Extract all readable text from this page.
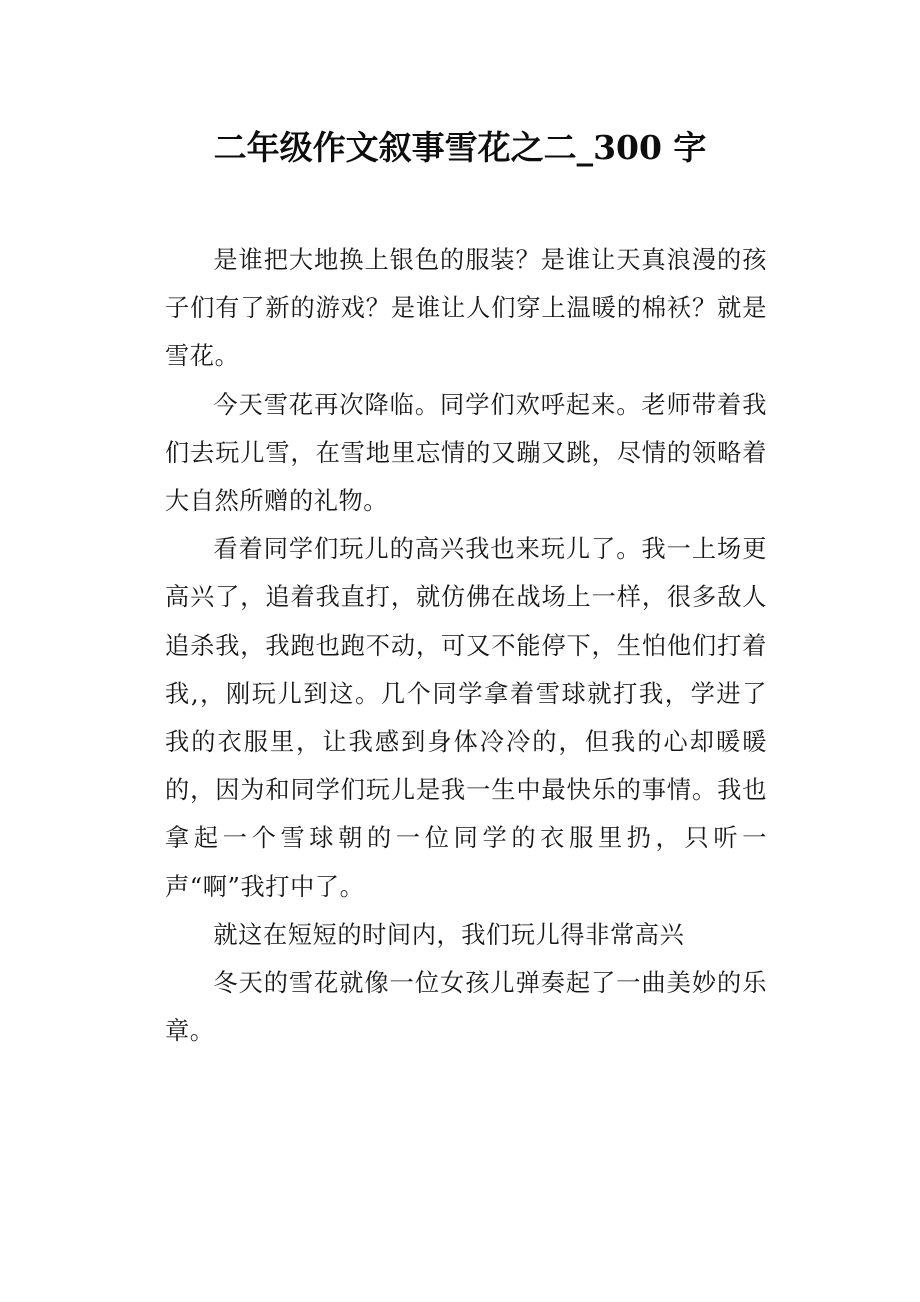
二年级作文叙事雪花之二_300 字

是谁把大地换上银色的服装？是谁让天真浪漫的孩子们有了新的游戏？是谁让人们穿上温暖的棉袄？就是雪花。

今天雪花再次降临。同学们欢呼起来。老师带着我们去玩儿雪，在雪地里忘情的又蹦又跳，尽情的领略着大自然所赠的礼物。

看着同学们玩儿的高兴我也来玩儿了。我一上场更高兴了，追着我直打，就仿佛在战场上一样，很多敌人追杀我，我跑也跑不动，可又不能停下，生怕他们打着我,，刚玩儿到这。几个同学拿着雪球就打我，学进了我的衣服里，让我感到身体冷冷的，但我的心却暖暖的，因为和同学们玩儿是我一生中最快乐的事情。我也拿起一个雪球朝的一位同学的衣服里扔，只听一声“啊”我打中了。

就这在短短的时间内，我们玩儿得非常高兴

冬天的雪花就像一位女孩儿弹奏起了一曲美妙的乐章。
